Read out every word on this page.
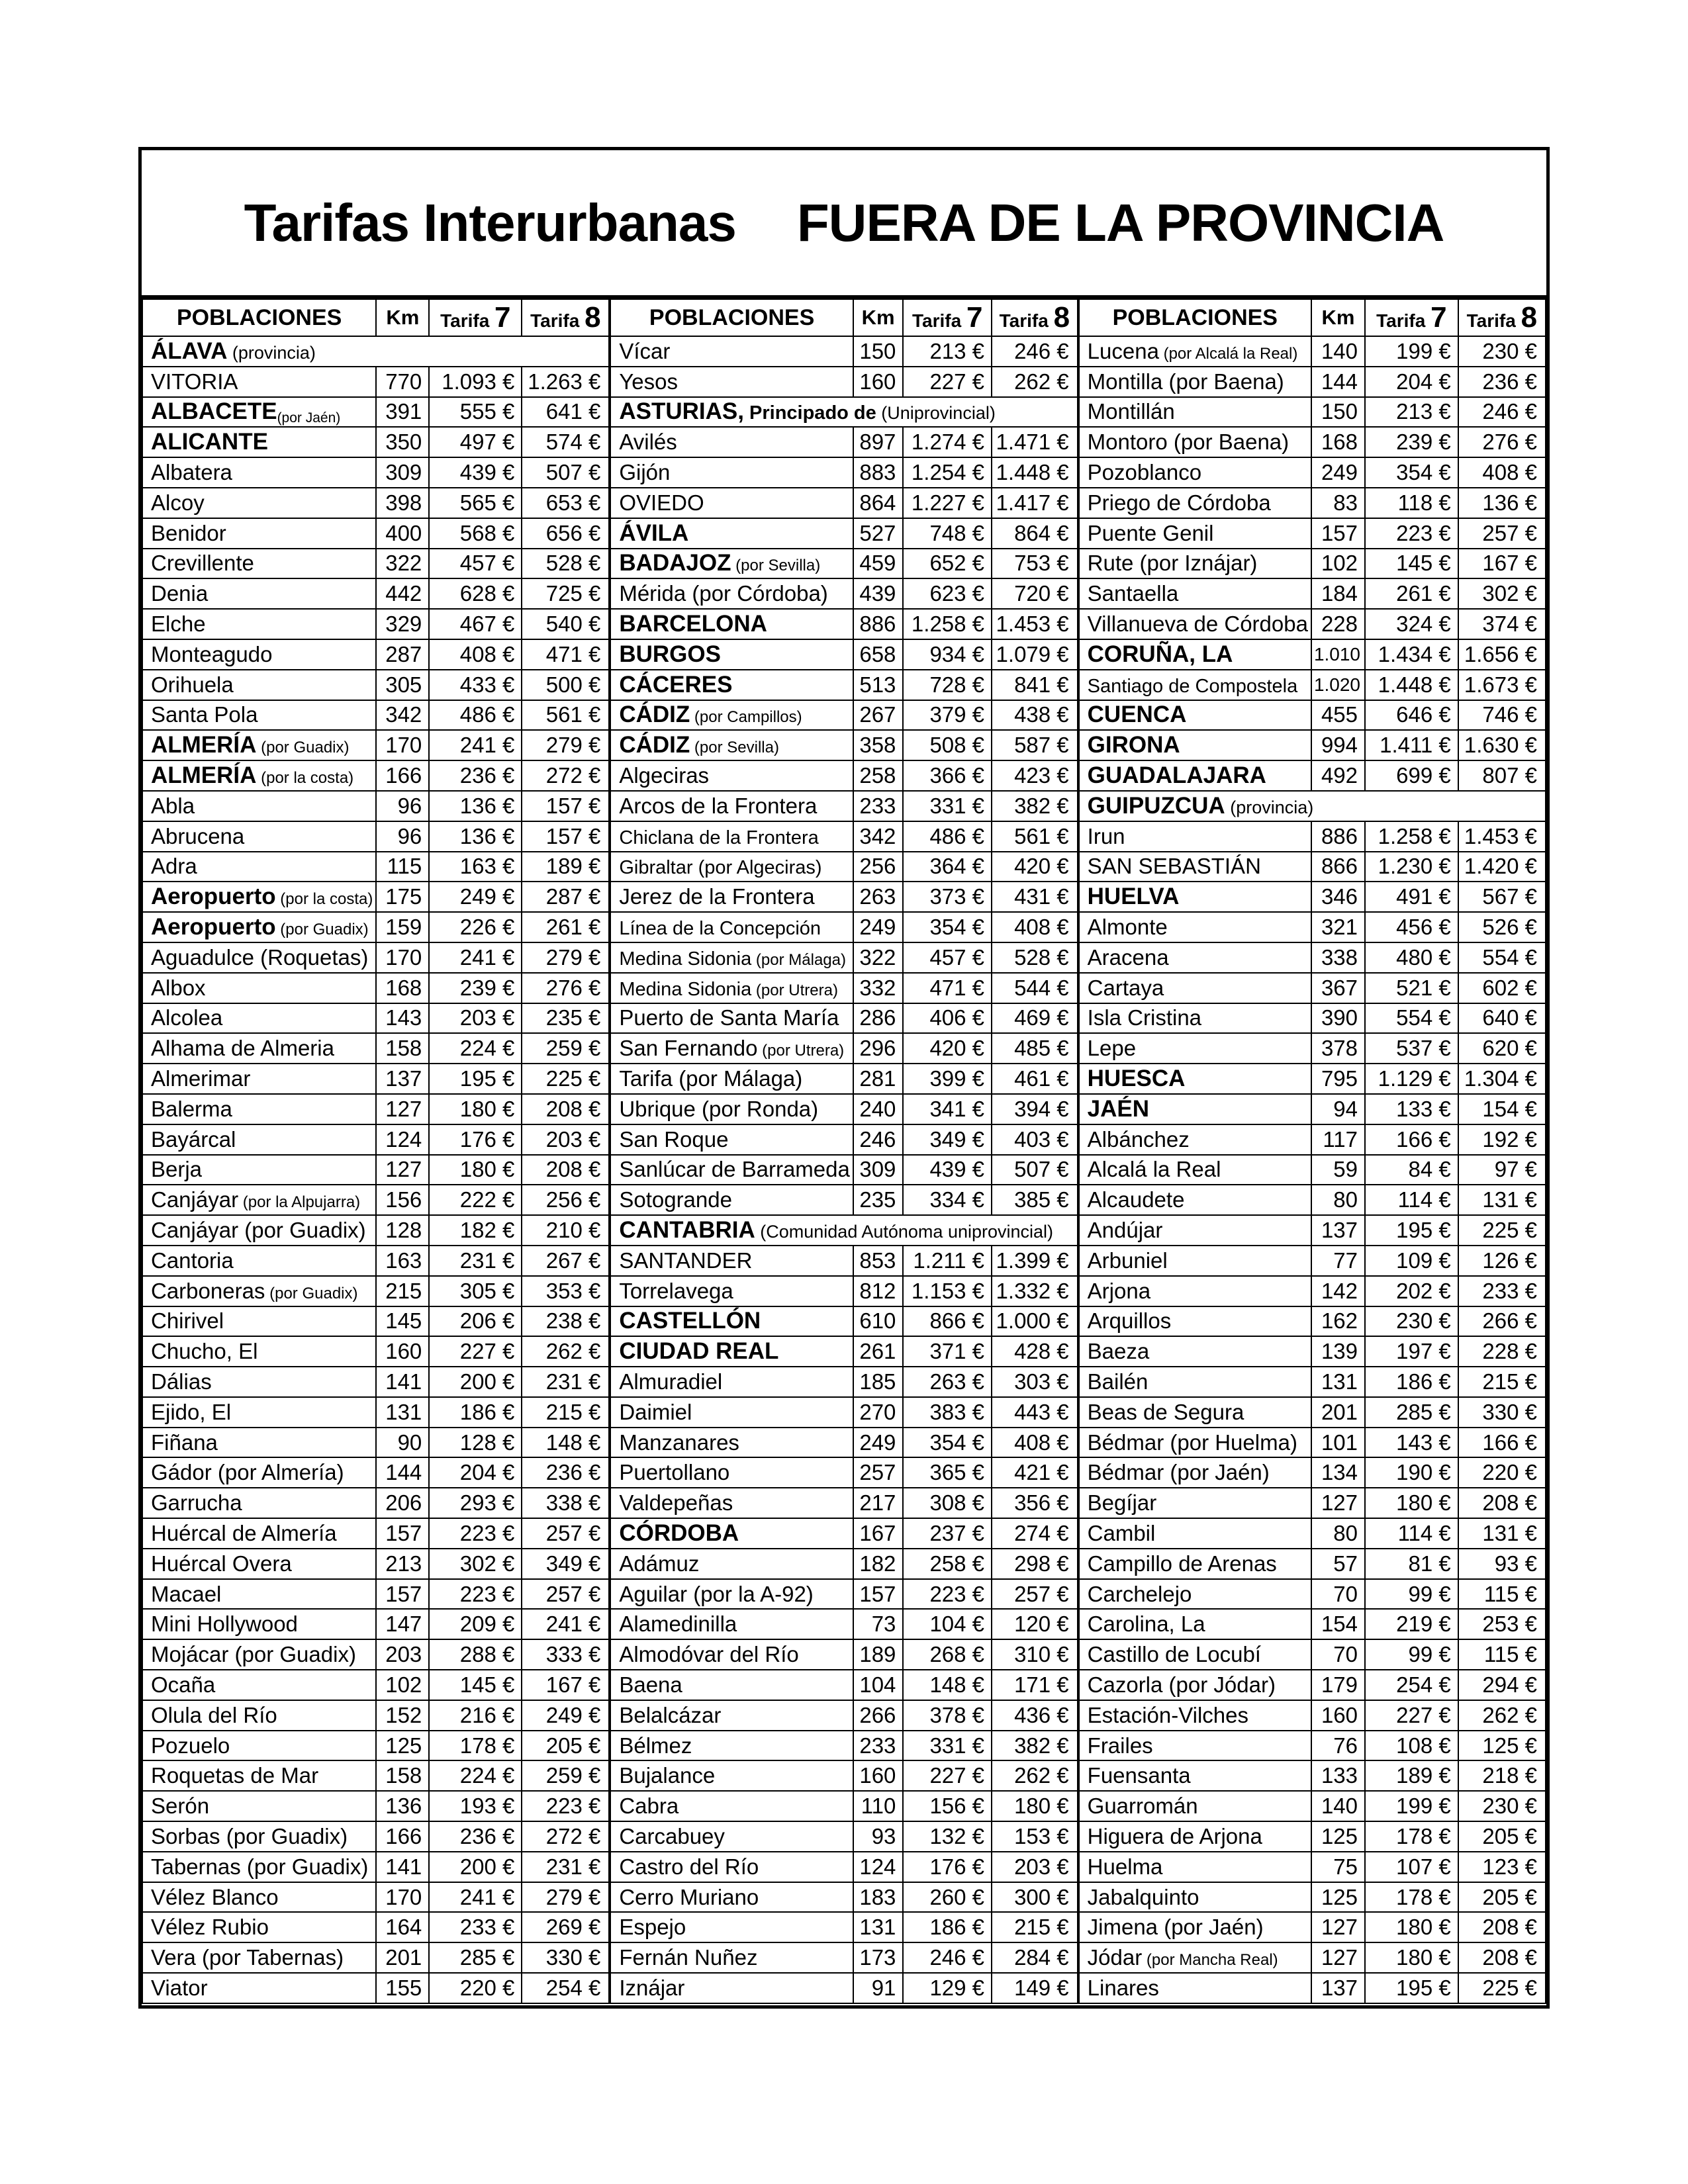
Tarifas Interurbanas FUERA DE LA PROVINCIA
POBLACIONES	Km	Tarifa 7	Tarifa 8
ÁLAVA (provincia)			
VITORIA	770	1.093 €	1.263 €
ALBACETE(por Jaén)	391	555 €	641 €
ALICANTE	350	497 €	574 €
Albatera	309	439 €	507 €
Alcoy	398	565 €	653 €
Benidor	400	568 €	656 €
Crevillente	322	457 €	528 €
Denia	442	628 €	725 €
Elche	329	467 €	540 €
Monteagudo	287	408 €	471 €
Orihuela	305	433 €	500 €
Santa Pola	342	486 €	561 €
ALMERÍA (por Guadix)	170	241 €	279 €
ALMERÍA (por la costa)	166	236 €	272 €
Abla	96	136 €	157 €
Abrucena	96	136 €	157 €
Adra	115	163 €	189 €
Aeropuerto (por la costa)	175	249 €	287 €
Aeropuerto (por Guadix)	159	226 €	261 €
Aguadulce (Roquetas)	170	241 €	279 €
Albox	168	239 €	276 €
Alcolea	143	203 €	235 €
Alhama de Almeria	158	224 €	259 €
Almerimar	137	195 €	225 €
Balerma	127	180 €	208 €
Bayárcal	124	176 €	203 €
Berja	127	180 €	208 €
Canjáyar (por la Alpujarra)	156	222 €	256 €
Canjáyar (por Guadix)	128	182 €	210 €
Cantoria	163	231 €	267 €
Carboneras (por Guadix)	215	305 €	353 €
Chirivel	145	206 €	238 €
Chucho, El	160	227 €	262 €
Dálias	141	200 €	231 €
Ejido, El	131	186 €	215 €
Fiñana	90	128 €	148 €
Gádor (por Almería)	144	204 €	236 €
Garrucha	206	293 €	338 €
Huércal de Almería	157	223 €	257 €
Huércal Overa	213	302 €	349 €
Macael	157	223 €	257 €
Mini Hollywood	147	209 €	241 €
Mojácar (por Guadix)	203	288 €	333 €
Ocaña	102	145 €	167 €
Olula del Río	152	216 €	249 €
Pozuelo	125	178 €	205 €
Roquetas de Mar	158	224 €	259 €
Serón	136	193 €	223 €
Sorbas (por Guadix)	166	236 €	272 €
Tabernas (por Guadix)	141	200 €	231 €
Vélez Blanco	170	241 €	279 €
Vélez Rubio	164	233 €	269 €
Vera (por Tabernas)	201	285 €	330 €
Viator	155	220 €	254 €
POBLACIONES	Km	Tarifa 7	Tarifa 8
Vícar	150	213 €	246 €
Yesos	160	227 €	262 €
ASTURIAS, Principado de (Uniprovincial)			
Avilés	897	1.274 €	1.471 €
Gijón	883	1.254 €	1.448 €
OVIEDO	864	1.227 €	1.417 €
ÁVILA	527	748 €	864 €
BADAJOZ (por Sevilla)	459	652 €	753 €
Mérida (por Córdoba)	439	623 €	720 €
BARCELONA	886	1.258 €	1.453 €
BURGOS	658	934 €	1.079 €
CÁCERES	513	728 €	841 €
CÁDIZ (por Campillos)	267	379 €	438 €
CÁDIZ (por Sevilla)	358	508 €	587 €
Algeciras	258	366 €	423 €
Arcos de la Frontera	233	331 €	382 €
Chiclana de la Frontera	342	486 €	561 €
Gibraltar (por Algeciras)	256	364 €	420 €
Jerez de la Frontera	263	373 €	431 €
Línea de la Concepción	249	354 €	408 €
Medina Sidonia (por Málaga)	322	457 €	528 €
Medina Sidonia (por Utrera)	332	471 €	544 €
Puerto de Santa María	286	406 €	469 €
San Fernando (por Utrera)	296	420 €	485 €
Tarifa (por Málaga)	281	399 €	461 €
Ubrique (por Ronda)	240	341 €	394 €
San Roque	246	349 €	403 €
Sanlúcar de Barrameda	309	439 €	507 €
Sotogrande	235	334 €	385 €
CANTABRIA (Comunidad Autónoma uniprovincial)			
SANTANDER	853	1.211 €	1.399 €
Torrelavega	812	1.153 €	1.332 €
CASTELLÓN	610	866 €	1.000 €
CIUDAD REAL	261	371 €	428 €
Almuradiel	185	263 €	303 €
Daimiel	270	383 €	443 €
Manzanares	249	354 €	408 €
Puertollano	257	365 €	421 €
Valdepeñas	217	308 €	356 €
CÓRDOBA	167	237 €	274 €
Adámuz	182	258 €	298 €
Aguilar (por la A-92)	157	223 €	257 €
Alamedinilla	73	104 €	120 €
Almodóvar del Río	189	268 €	310 €
Baena	104	148 €	171 €
Belalcázar	266	378 €	436 €
Bélmez	233	331 €	382 €
Bujalance	160	227 €	262 €
Cabra	110	156 €	180 €
Carcabuey	93	132 €	153 €
Castro del Río	124	176 €	203 €
Cerro Muriano	183	260 €	300 €
Espejo	131	186 €	215 €
Fernán Nuñez	173	246 €	284 €
Iznájar	91	129 €	149 €
POBLACIONES	Km	Tarifa 7	Tarifa 8
Lucena (por Alcalá la Real)	140	199 €	230 €
Montilla (por Baena)	144	204 €	236 €
Montillán	150	213 €	246 €
Montoro (por Baena)	168	239 €	276 €
Pozoblanco	249	354 €	408 €
Priego de Córdoba	83	118 €	136 €
Puente Genil	157	223 €	257 €
Rute (por Iznájar)	102	145 €	167 €
Santaella	184	261 €	302 €
Villanueva de Córdoba	228	324 €	374 €
CORUÑA, LA	1.010	1.434 €	1.656 €
Santiago de Compostela	1.020	1.448 €	1.673 €
CUENCA	455	646 €	746 €
GIRONA	994	1.411 €	1.630 €
GUADALAJARA	492	699 €	807 €
GUIPUZCUA (provincia)			
Irun	886	1.258 €	1.453 €
SAN SEBASTIÁN	866	1.230 €	1.420 €
HUELVA	346	491 €	567 €
Almonte	321	456 €	526 €
Aracena	338	480 €	554 €
Cartaya	367	521 €	602 €
Isla Cristina	390	554 €	640 €
Lepe	378	537 €	620 €
HUESCA	795	1.129 €	1.304 €
JAÉN	94	133 €	154 €
Albánchez	117	166 €	192 €
Alcalá la Real	59	84 €	97 €
Alcaudete	80	114 €	131 €
Andújar	137	195 €	225 €
Arbuniel	77	109 €	126 €
Arjona	142	202 €	233 €
Arquillos	162	230 €	266 €
Baeza	139	197 €	228 €
Bailén	131	186 €	215 €
Beas de Segura	201	285 €	330 €
Bédmar (por Huelma)	101	143 €	166 €
Bédmar (por Jaén)	134	190 €	220 €
Begíjar	127	180 €	208 €
Cambil	80	114 €	131 €
Campillo de Arenas	57	81 €	93 €
Carchelejo	70	99 €	115 €
Carolina, La	154	219 €	253 €
Castillo de Locubí	70	99 €	115 €
Cazorla (por Jódar)	179	254 €	294 €
Estación-Vilches	160	227 €	262 €
Frailes	76	108 €	125 €
Fuensanta	133	189 €	218 €
Guarromán	140	199 €	230 €
Higuera de Arjona	125	178 €	205 €
Huelma	75	107 €	123 €
Jabalquinto	125	178 €	205 €
Jimena (por Jaén)	127	180 €	208 €
Jódar (por Mancha Real)	127	180 €	208 €
Linares	137	195 €	225 €
